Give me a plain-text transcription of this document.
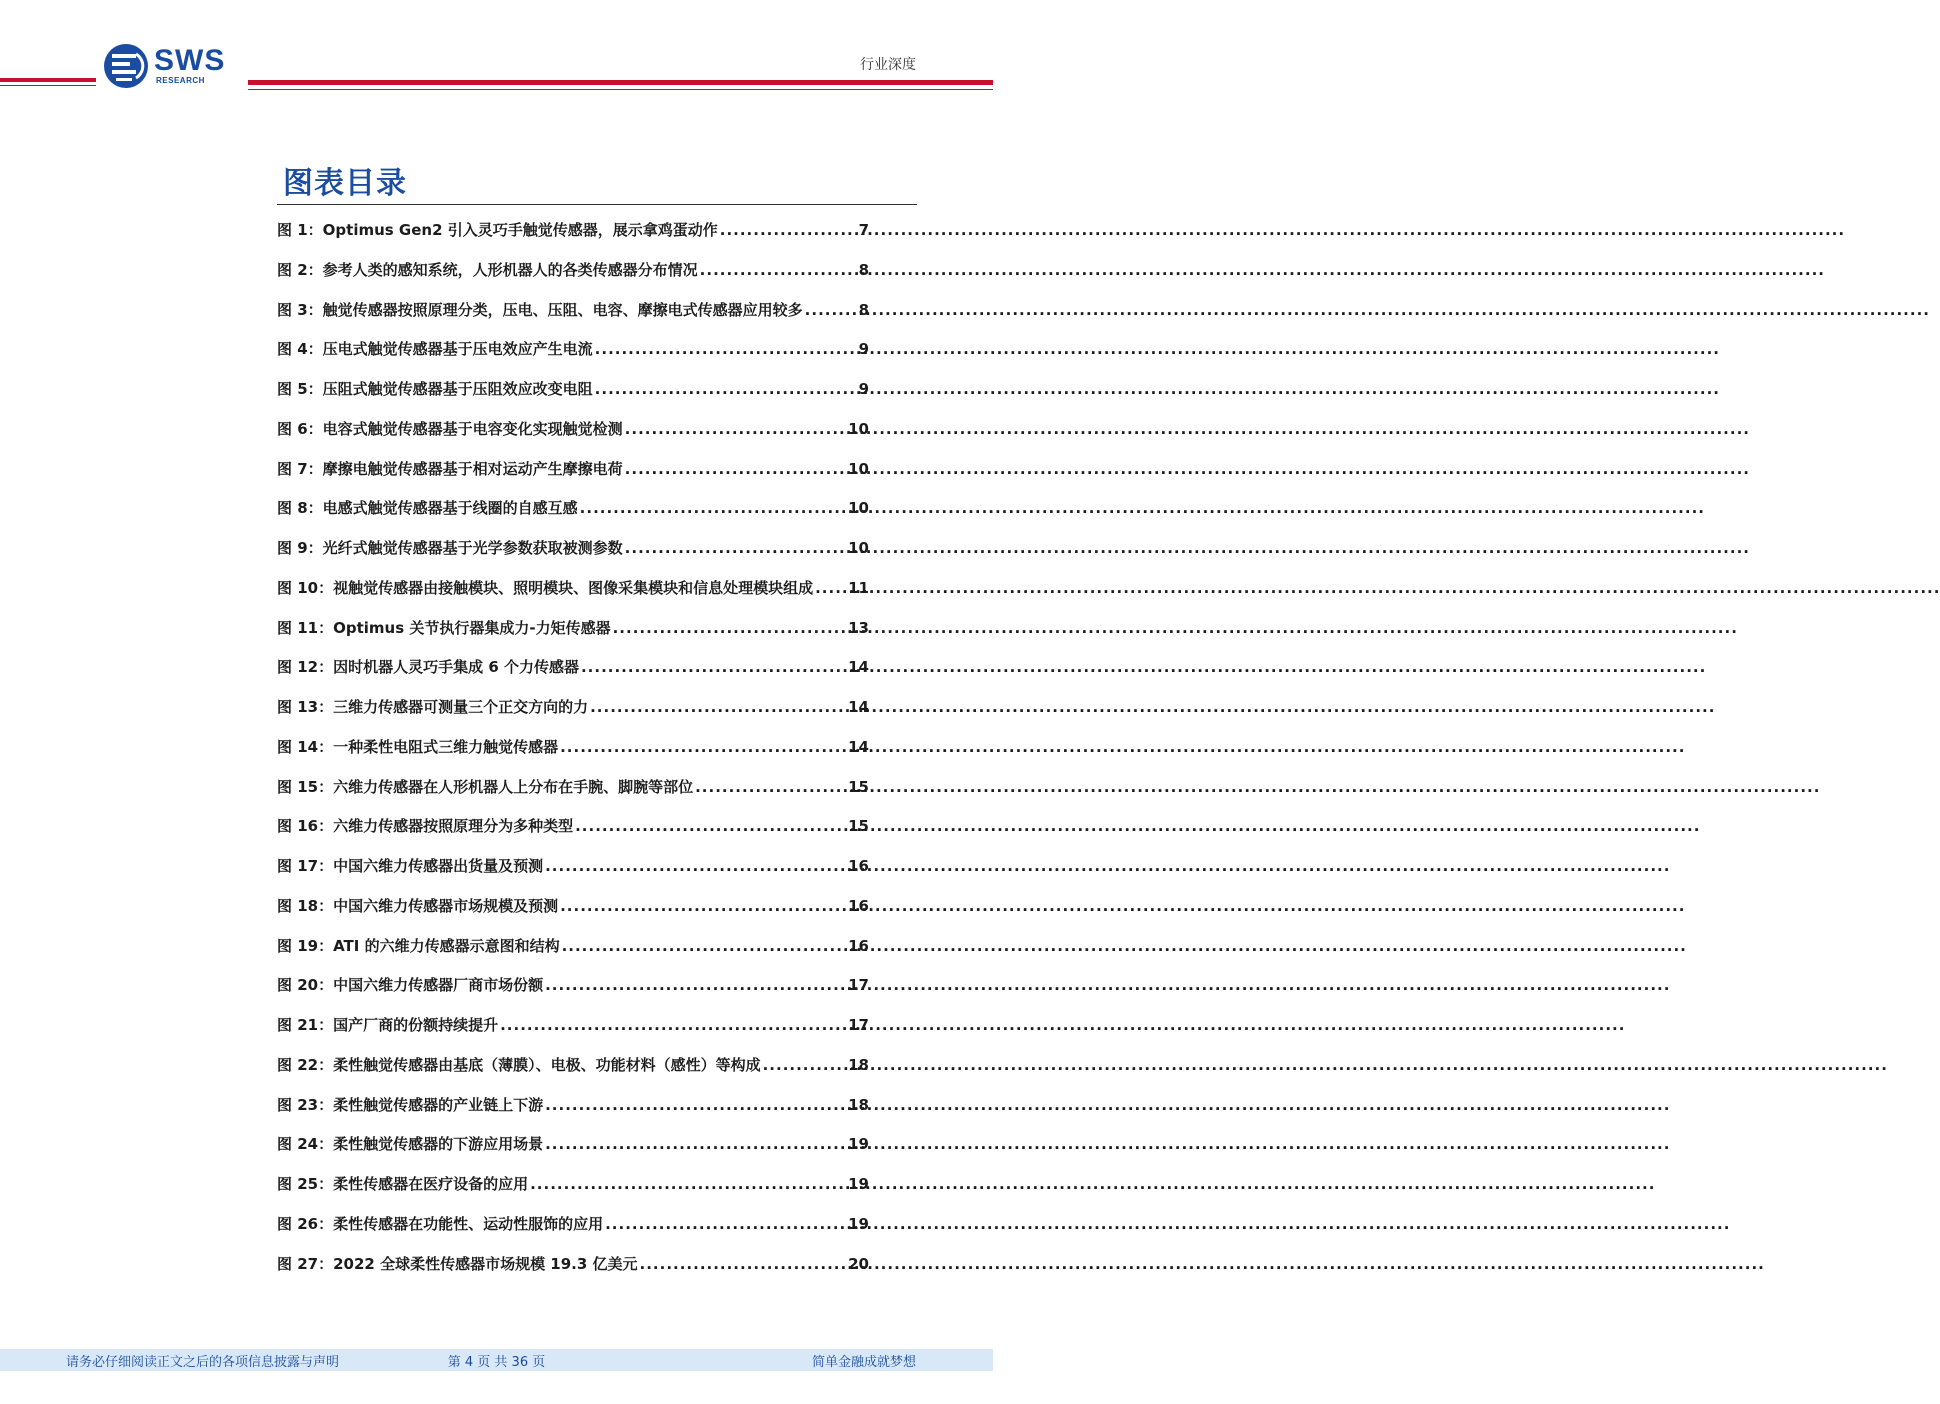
SWS
RESEARCH
行业深度
图表目录
图 1：Optimus Gen2 引入灵巧手触觉传感器，展示拿鸡蛋动作 .....	7
图 2：参考人类的感知系统，人形机器人的各类传感器分布情况 .....	8
图 3：触觉传感器按照原理分类，压电、压阻、电容、摩擦电式传感器应用较多 .....	8
图 4：压电式触觉传感器基于压电效应产生电流 .....	9
图 5：压阻式触觉传感器基于压阻效应改变电阻 .....	9
图 6：电容式触觉传感器基于电容变化实现触觉检测 .....	10
图 7：摩擦电触觉传感器基于相对运动产生摩擦电荷 .....	10
图 8：电感式触觉传感器基于线圈的自感互感 .....	10
图 9：光纤式触觉传感器基于光学参数获取被测参数 .....	10
图 10：视触觉传感器由接触模块、照明模块、图像采集模块和信息处理模块组成 ..... 11
图 11：Optimus 关节执行器集成力-力矩传感器 .....	13
图 12：因时机器人灵巧手集成 6 个力传感器 .....	14
图 13：三维力传感器可测量三个正交方向的力 .....	14
图 14：一种柔性电阻式三维力触觉传感器 .....	14
图 15：六维力传感器在人形机器人上分布在手腕、脚腕等部位 .....	15
图 16：六维力传感器按照原理分为多种类型 .....	15
图 17：中国六维力传感器出货量及预测 .....	16
图 18：中国六维力传感器市场规模及预测 .....	16
图 19：ATI 的六维力传感器示意图和结构 .....	16
图 20：中国六维力传感器厂商市场份额 .....	17
图 21：国产厂商的份额持续提升 .....	17
图 22：柔性触觉传感器由基底（薄膜）、电极、功能材料（感性）等构成 .....	18
图 23：柔性触觉传感器的产业链上下游 .....	18
图 24：柔性触觉传感器的下游应用场景 .....	19
图 25：柔性传感器在医疗设备的应用 .....	19
图 26：柔性传感器在功能性、运动性服饰的应用 .....	19
图 27：2022 全球柔性传感器市场规模 19.3 亿美元 .....	20
请务必仔细阅读正文之后的各项信息披露与声明	第 4 页 共 36 页	简单金融成就梦想
